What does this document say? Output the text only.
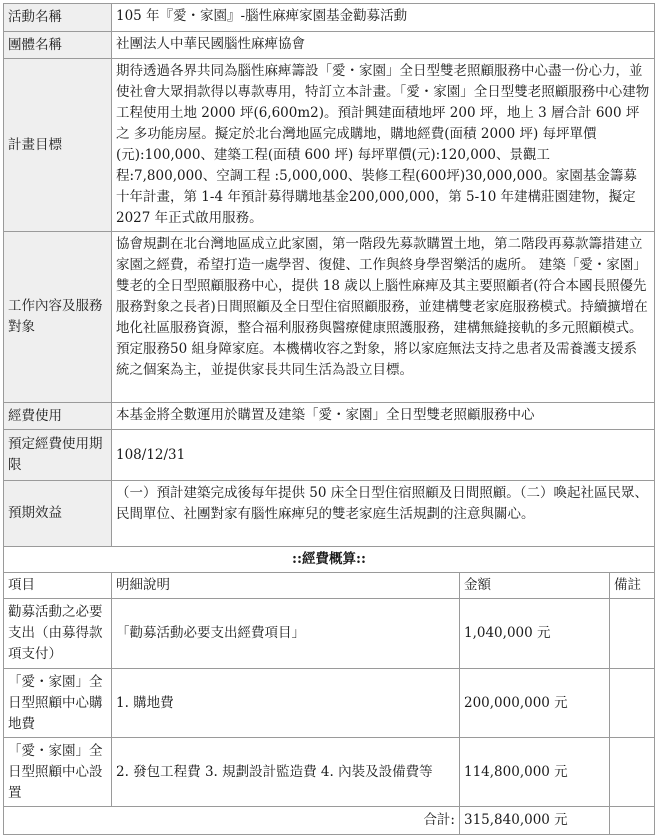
活動名稱	105 年『愛・家園』-腦性麻痺家園基金勸募活動
團體名稱	社團法人中華民國腦性麻痺協會
計畫目標	期待透過各界共同為腦性麻痺籌設「愛・家園」全日型雙老照顧服務中心盡一份心力，並使社會大眾捐款得以專款專用，特訂立本計畫。「愛・家園」全日型雙老照顧服務中心建物工程使用土地 2000 坪(6,600m2)。預計興建面積地坪 200 坪，地上 3 層合計 600 坪之 多功能房屋。擬定於北台灣地區完成購地，購地經費(面積 2000 坪) 每坪單價(元):100,000、建築工程(面積 600 坪) 每坪單價(元):120,000、景觀工程:7,800,000、空調工程 :5,000,000、裝修工程(600坪)30,000,000。家園基金籌募十年計畫，第 1-4 年預計募得購地基金200,000,000，第 5-10 年建構莊園建物，擬定 2027 年正式啟用服務。
工作內容及服務對象	協會規劃在北台灣地區成立此家園，第一階段先募款購置土地，第二階段再募款籌措建立家園之經費，希望打造一處學習、復健、工作與終身學習樂活的處所。 建築「愛・家園」雙老的全日型照顧服務中心，提供 18 歲以上腦性麻痺及其主要照顧者(符合本國長照優先服務對象之長者)日間照顧及全日型住宿照顧服務，並建構雙老家庭服務模式。持續擴增在地化社區服務資源，整合福利服務與醫療健康照護服務，建構無縫接軌的多元照顧模式。預定服務50 組身障家庭。本機構收容之對象，將以家庭無法支持之患者及需養護支援系統之個案為主，並提供家長共同生活為設立目標。
經費使用	本基金將全數運用於購置及建築「愛・家園」全日型雙老照顧服務中心
預定經費使用期限	108/12/31
預期效益	（一）預計建築完成後每年提供 50 床全日型住宿照顧及日間照顧。（二）喚起社區民眾、民間單位、社團對家有腦性麻痺兒的雙老家庭生活規劃的注意與關心。
::經費概算::			
項目	明細說明	金額	備註
勸募活動之必要支出（由募得款項支付）	「勸募活動必要支出經費項目」	1,040,000 元	
「愛・家園」全日型照顧中心購地費	1. 購地費	200,000,000 元	
「愛・家園」全日型照顧中心設置	2. 發包工程費 3. 規劃設計監造費 4. 內裝及設備費等	114,800,000 元	
合計:		315,840,000 元	
